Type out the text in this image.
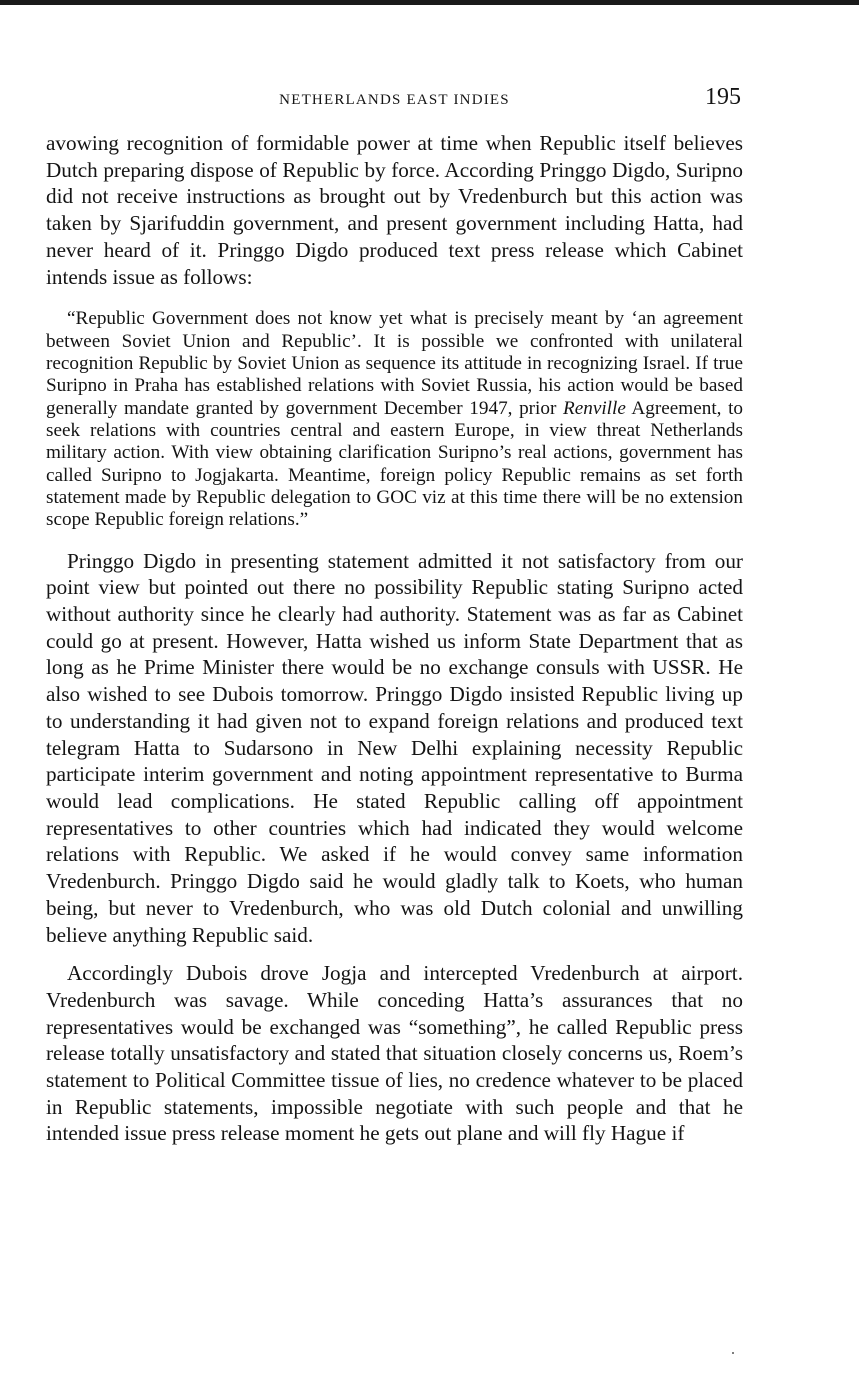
NETHERLANDS EAST INDIES	195

avowing recognition of formidable power at time when Republic itself believes Dutch preparing dispose of Republic by force. According Pringgo Digdo, Suripno did not receive instructions as brought out by Vredenburch but this action was taken by Sjarifuddin government, and present government including Hatta, had never heard of it. Pringgo Digdo produced text press release which Cabinet intends issue as follows:

“Republic Government does not know yet what is precisely meant by ‘an agreement between Soviet Union and Republic’. It is possible we confronted with unilateral recognition Republic by Soviet Union as sequence its attitude in recognizing Israel. If true Suripno in Praha has established relations with Soviet Russia, his action would be based generally mandate granted by government December 1947, prior Renville Agreement, to seek relations with countries central and eastern Europe, in view threat Netherlands military action. With view obtaining clarification Suripno’s real actions, government has called Suripno to Jogjakarta. Meantime, foreign policy Republic remains as set forth statement made by Republic delegation to GOC viz at this time there will be no extension scope Republic foreign relations.”

Pringgo Digdo in presenting statement admitted it not satisfactory from our point view but pointed out there no possibility Republic stating Suripno acted without authority since he clearly had authority. Statement was as far as Cabinet could go at present. However, Hatta wished us inform State Department that as long as he Prime Minister there would be no exchange consuls with USSR. He also wished to see Dubois tomorrow. Pringgo Digdo insisted Republic living up to understanding it had given not to expand foreign relations and produced text telegram Hatta to Sudarsono in New Delhi explaining necessity Republic participate interim government and noting appointment representative to Burma would lead complications. He stated Republic calling off appointment representatives to other countries which had indicated they would welcome relations with Republic. We asked if he would convey same information Vredenburch. Pringgo Digdo said he would gladly talk to Koets, who human being, but never to Vredenburch, who was old Dutch colonial and unwilling believe anything Republic said.

Accordingly Dubois drove Jogja and intercepted Vredenburch at airport. Vredenburch was savage. While conceding Hatta’s assurances that no representatives would be exchanged was “something”, he called Republic press release totally unsatisfactory and stated that situation closely concerns us, Roem’s statement to Political Committee tissue of lies, no credence whatever to be placed in Republic statements, impossible negotiate with such people and that he intended issue press release moment he gets out plane and will fly Hague if
